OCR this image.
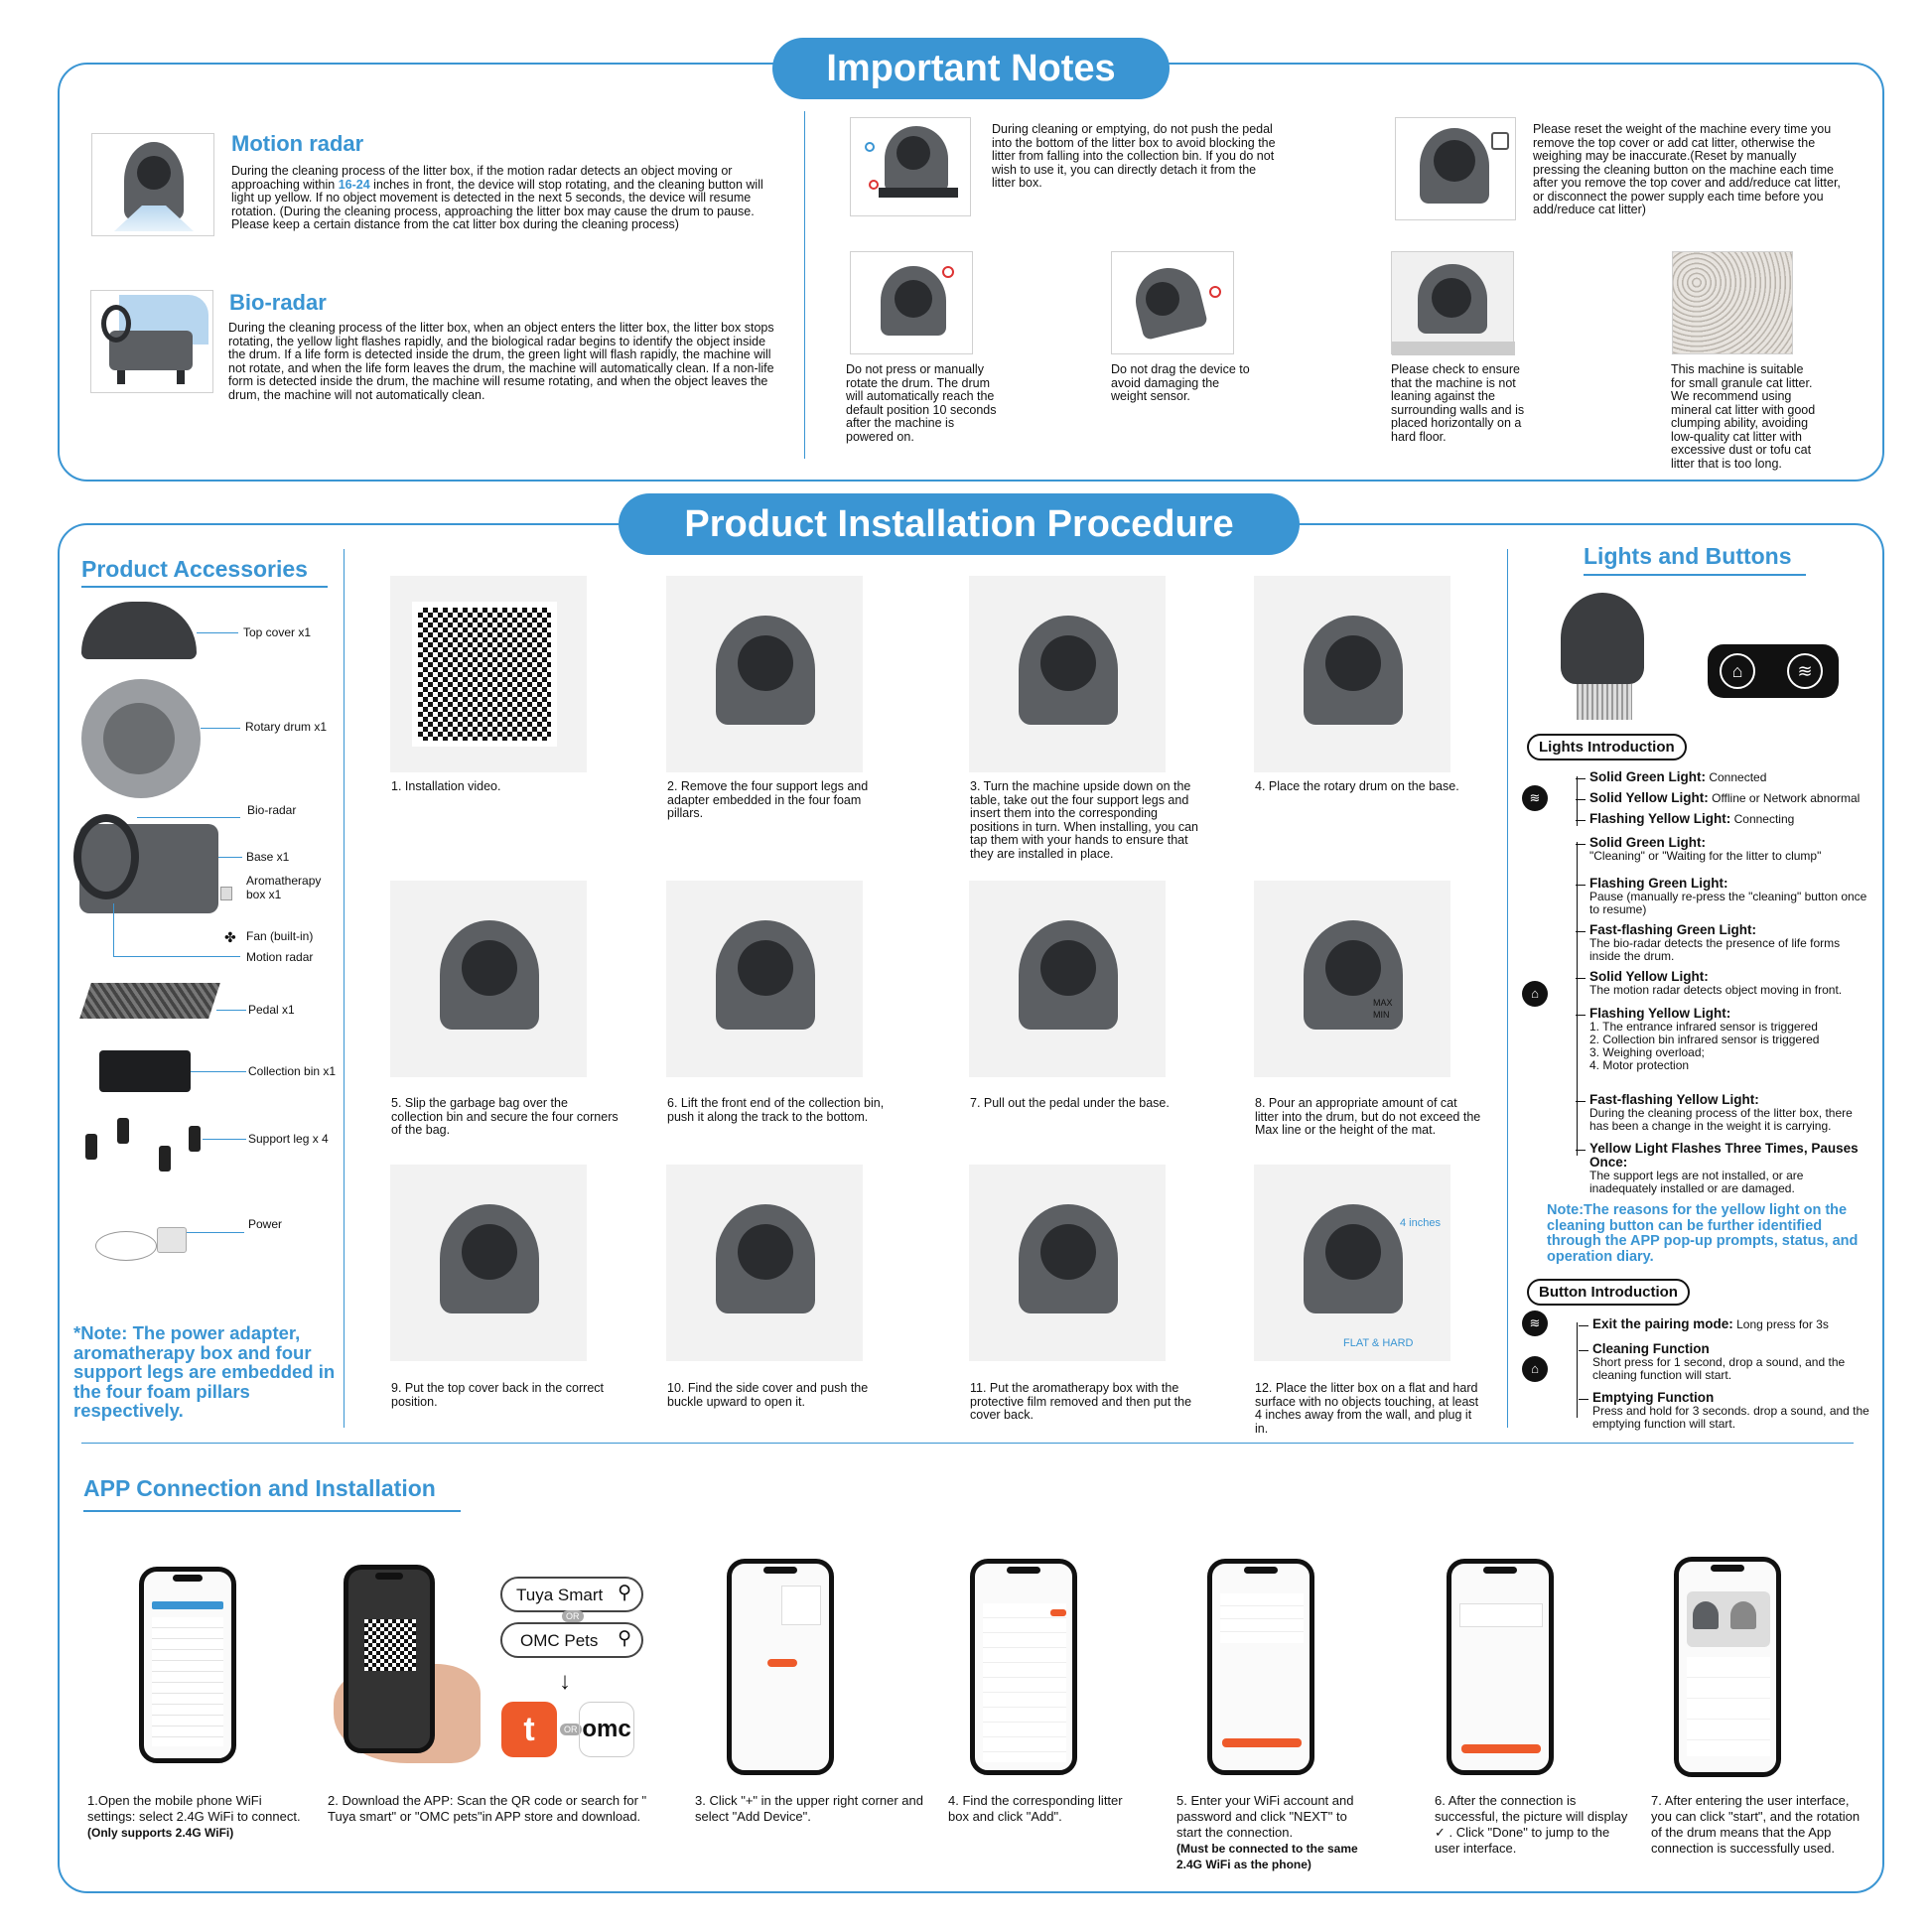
Important Notes
Motion radar
During the cleaning process of the litter box, if the motion radar detects an object moving or approaching within 16-24 inches in front, the device will stop rotating, and the cleaning button will light up yellow. If no object movement is detected in the next 5 seconds, the device will resume rotation. (During the cleaning process, approaching the litter box may cause the drum to pause. Please keep a certain distance from the cat litter box during the cleaning process)
Bio-radar
During the cleaning process of the litter box, when an object enters the litter box, the litter box stops rotating, the yellow light flashes rapidly, and the biological radar begins to identify the object inside the drum. If a life form is detected inside the drum, the green light will flash rapidly, the machine will not rotate, and when the life form leaves the drum, the machine will automatically clean. If a non-life form is detected inside the drum, the machine will resume rotating, and when the object leaves the drum, the machine will not automatically clean.
During cleaning or emptying, do not push the pedal into the bottom of the litter box to avoid blocking the litter from falling into the collection bin. If you do not wish to use it, you can directly detach it from the litter box.
Please reset the weight of the machine every time you remove the top cover or add cat litter, otherwise the weighing may be inaccurate.(Reset by manually pressing the cleaning button on the machine each time after you remove the top cover and add/reduce cat litter, or disconnect the power supply each time before you add/reduce cat litter)
Do not press or manually rotate the drum. The drum will automatically reach the default position 10 seconds after the machine is powered on.
Do not drag the device to avoid damaging the weight sensor.
Please check to ensure that the machine is not leaning against the surrounding walls and is placed horizontally on a hard floor.
This machine is suitable for small granule cat litter. We recommend using mineral cat litter with good clumping ability, avoiding low-quality cat litter with excessive dust or tofu cat litter that is too long.
Product Installation Procedure
Product Accessories
Top cover x1
Rotary drum x1
Bio-radar
Base x1
Aromatherapy box x1
✤ Fan (built-in)
Motion radar
Pedal x1
Collection bin x1
Support leg x 4
Power
*Note: The power adapter, aromatherapy box and four support legs are embedded in the four foam pillars respectively.
1. Installation video.	2. Remove the four support legs and adapter embedded in the four foam pillars.
3. Turn the machine upside down on the table, take out the four support legs and insert them into the corresponding positions in turn. When installing, you can tap them with your hands to ensure that they are installed in place.
4. Place the rotary drum on the base.
5. Slip the garbage bag over the collection bin and secure the four corners of the bag.
6. Lift the front end of the collection bin, push it along the track to the bottom.
7. Pull out the pedal under the base.	8. Pour an appropriate amount of cat litter into the drum, but do not exceed the Max line or the height of the mat.
9. Put the top cover back in the correct position.
10. Find the side cover and push the buckle upward to open it.
11. Put the aromatherapy box with the protective film removed and then put the cover back.
12. Place the litter box on a flat and hard surface with no objects touching, at least 4 inches away from the wall, and plug it in.
MAX
MIN
4 inches
FLAT & HARD
Lights and Buttons
⌂	≋
Lights Introduction
≋
Solid Green Light: Connected
Solid Yellow Light: Offline or Network abnormal
Flashing Yellow Light: Connecting
⌂
Solid Green Light:
"Cleaning" or "Waiting for the litter to clump"
Flashing Green Light:
Pause (manually re-press the "cleaning" button once to resume)
Fast-flashing Green Light:
The bio-radar detects the presence of life forms inside the drum.
Solid Yellow Light:
The motion radar detects object moving in front.
Flashing Yellow Light:
1. The entrance infrared sensor is triggered
2. Collection bin infrared sensor is triggered
3. Weighing overload;
4. Motor protection
Fast-flashing Yellow Light:
During the cleaning process of the litter box, there has been a change in the weight it is carrying.
Yellow Light Flashes Three Times, Pauses Once:
The support legs are not installed, or are inadequately installed or are damaged.
Note:The reasons for the yellow light on the cleaning button can be further identified through the APP pop-up prompts, status, and operation diary.
Button Introduction
≋
⌂
Exit the pairing mode: Long press for 3s
Cleaning Function
Short press for 1 second, drop a sound, and the cleaning function will start.
Emptying Function
Press and hold for 3 seconds. drop a sound, and the emptying function will start.
APP Connection and Installation
Tuya Smart ⚲
OR
OMC Pets ⚲
↓
t	OR omc
1.Open the mobile phone WiFi settings: select 2.4G WiFi to connect. (Only supports 2.4G WiFi)
2. Download the APP: Scan the QR code or search for " Tuya smart" or "OMC pets"in APP store and download.
3. Click "+" in the upper right corner and select "Add Device".
4. Find the corresponding litter box and click "Add".
5. Enter your WiFi account and password and click "NEXT" to start the connection.
(Must be connected to the same 2.4G WiFi as the phone)
6. After the connection is successful, the picture will display ✓ . Click "Done" to jump to the user interface.
7. After entering the user interface, you can click "start", and the rotation of the drum means that the App connection is successfully used.
